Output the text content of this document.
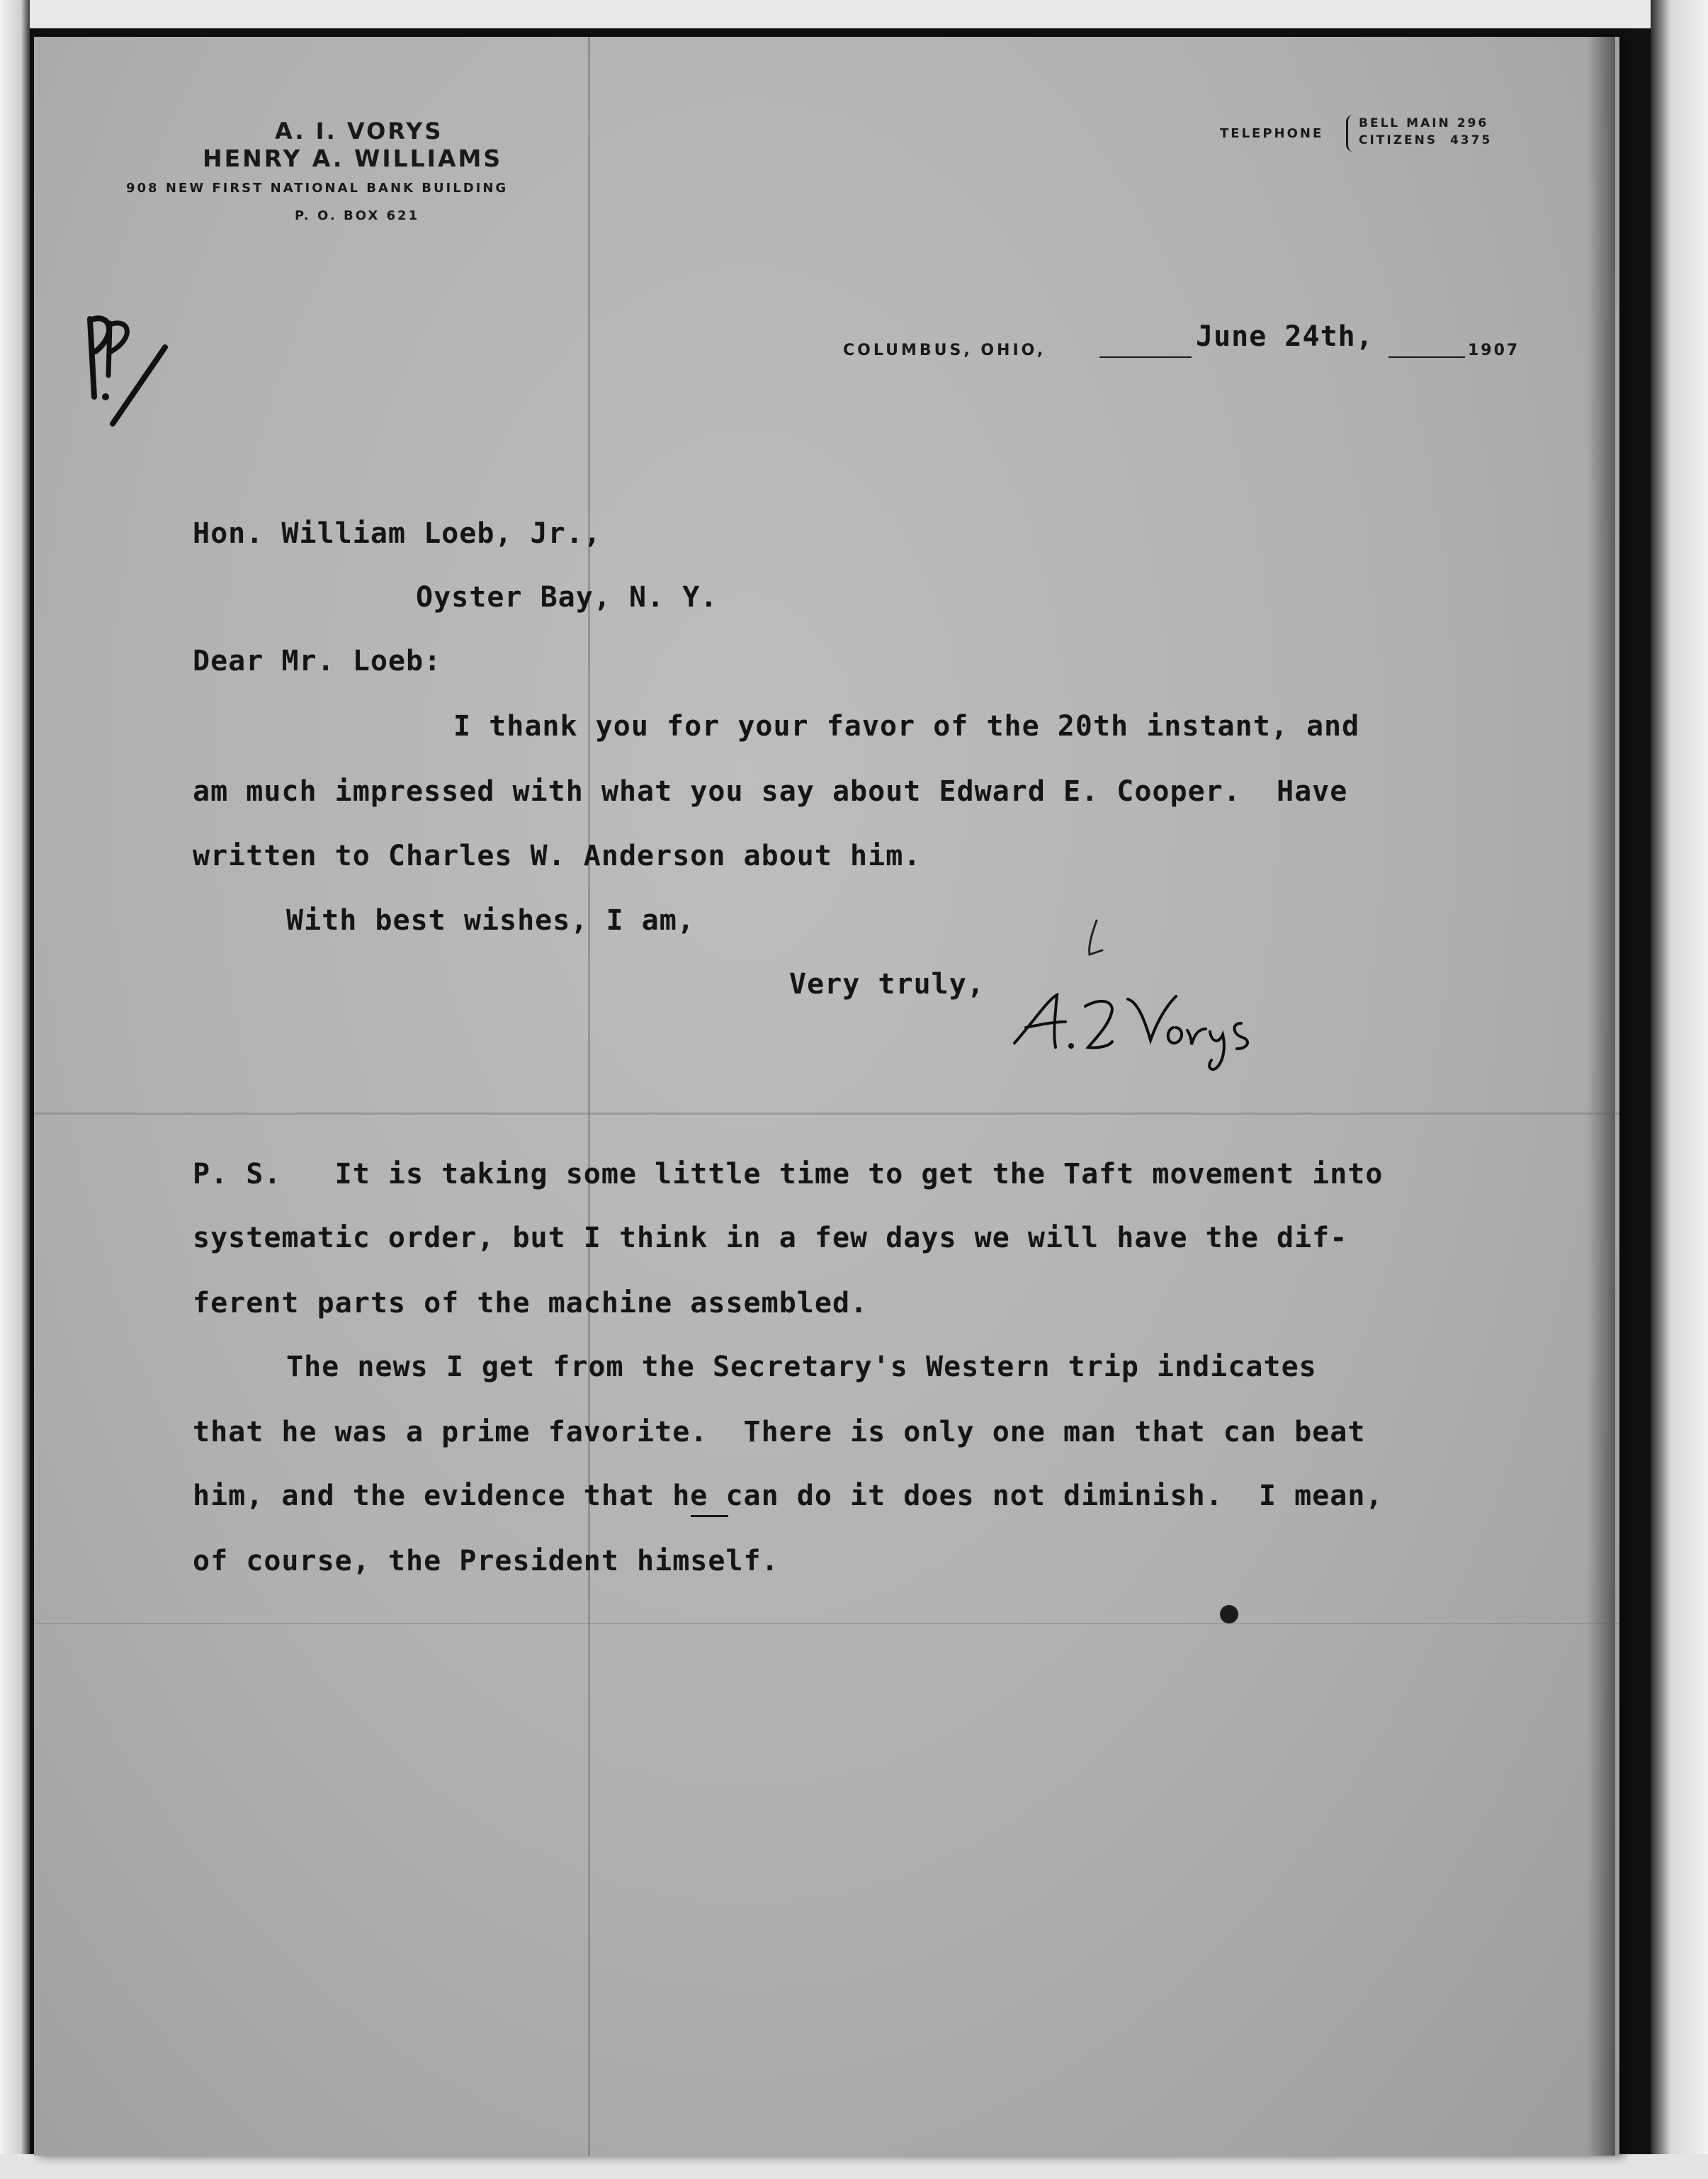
A. I. VORYS
HENRY A. WILLIAMS
908 NEW FIRST NATIONAL BANK BUILDING
P. O. BOX 621
TELEPHONE
BELL MAIN 296
CITIZENS  4375
COLUMBUS, OHIO,	June 24th,	1907
Hon. William Loeb, Jr.,
Oyster Bay, N. Y.
Dear Mr. Loeb:
I thank you for your favor of the 20th instant, and
am much impressed with what you say about Edward E. Cooper.  Have
written to Charles W. Anderson about him.
With best wishes, I am,
Very truly,
P. S.   It is taking some little time to get the Taft movement into
systematic order, but I think in a few days we will have the dif-
ferent parts of the machine assembled.
The news I get from the Secretary's Western trip indicates
that he was a prime favorite.  There is only one man that can beat
him, and the evidence that he can do it does not diminish.  I mean,
of course, the President himself.
